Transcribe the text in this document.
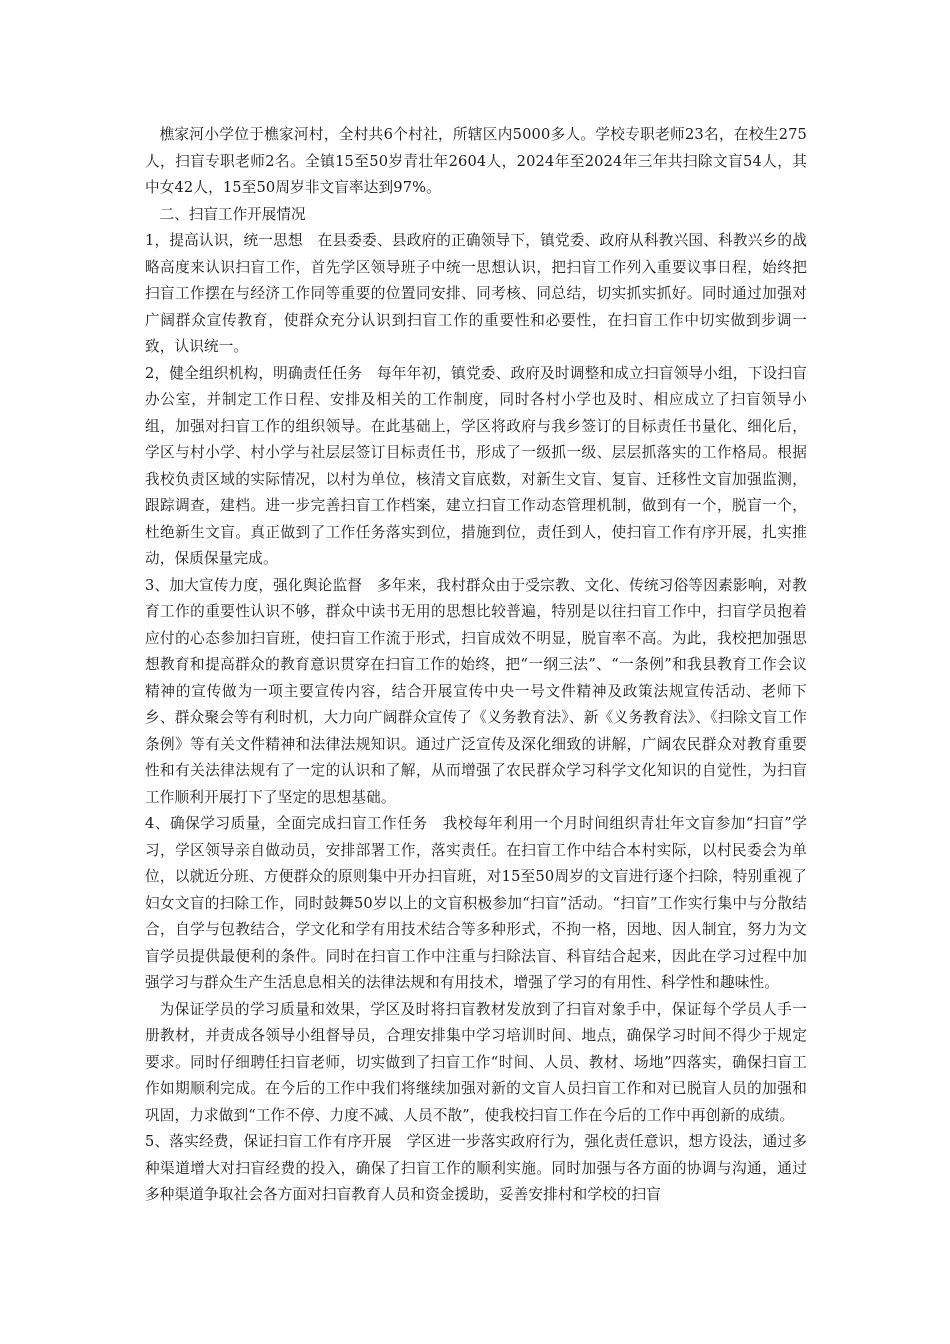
樵家河小学位于樵家河村，全村共6个村社，所辖区内5000多人。学校专职老师23名，在校生275人，扫盲专职老师2名。全镇15至50岁青壮年2604人，2024年至2024年三年共扫除文盲54人，其中女42人，15至50周岁非文盲率达到97%。

二、扫盲工作开展情况

1，提高认识，统一思想　在县委委、县政府的正确领导下，镇党委、政府从科教兴国、科教兴乡的战略高度来认识扫盲工作，首先学区领导班子中统一思想认识，把扫盲工作列入重要议事日程，始终把扫盲工作摆在与经济工作同等重要的位置同安排、同考核、同总结，切实抓实抓好。同时通过加强对广阔群众宣传教育，使群众充分认识到扫盲工作的重要性和必要性，在扫盲工作中切实做到步调一致，认识统一。

2，健全组织机构，明确责任任务　每年年初，镇党委、政府及时调整和成立扫盲领导小组，下设扫盲办公室，并制定工作日程、安排及相关的工作制度，同时各村小学也及时、相应成立了扫盲领导小组，加强对扫盲工作的组织领导。在此基础上，学区将政府与我乡签订的目标责任书量化、细化后，学区与村小学、村小学与社层层签订目标责任书，形成了一级抓一级、层层抓落实的工作格局。根据我校负责区域的实际情况，以村为单位，核清文盲底数，对新生文盲、复盲、迁移性文盲加强监测，跟踪调查，建档。进一步完善扫盲工作档案，建立扫盲工作动态管理机制，做到有一个，脱盲一个，杜绝新生文盲。真正做到了工作任务落实到位，措施到位，责任到人，使扫盲工作有序开展，扎实推动，保质保量完成。

3、加大宣传力度，强化舆论监督　多年来，我村群众由于受宗教、文化、传统习俗等因素影响，对教育工作的重要性认识不够，群众中读书无用的思想比较普遍，特别是以往扫盲工作中，扫盲学员抱着应付的心态参加扫盲班，使扫盲工作流于形式，扫盲成效不明显，脱盲率不高。为此，我校把加强思想教育和提高群众的教育意识贯穿在扫盲工作的始终，把“一纲三法”、“一条例”和我县教育工作会议精神的宣传做为一项主要宣传内容，结合开展宣传中央一号文件精神及政策法规宣传活动、老师下乡、群众聚会等有利时机，大力向广阔群众宣传了《义务教育法》、新《义务教育法》、《扫除文盲工作条例》等有关文件精神和法律法规知识。通过广泛宣传及深化细致的讲解，广阔农民群众对教育重要性和有关法律法规有了一定的认识和了解，从而增强了农民群众学习科学文化知识的自觉性，为扫盲工作顺利开展打下了坚定的思想基础。

4、确保学习质量，全面完成扫盲工作任务　我校每年利用一个月时间组织青壮年文盲参加“扫盲”学习，学区领导亲自做动员，安排部署工作，落实责任。在扫盲工作中结合本村实际，以村民委会为单位，以就近分班、方便群众的原则集中开办扫盲班，对15至50周岁的文盲进行逐个扫除，特别重视了妇女文盲的扫除工作，同时鼓舞50岁以上的文盲积极参加“扫盲”活动。“扫盲”工作实行集中与分散结合，自学与包教结合，学文化和学有用技术结合等多种形式，不拘一格，因地、因人制宜，努力为文盲学员提供最便利的条件。同时在扫盲工作中注重与扫除法盲、科盲结合起来，因此在学习过程中加强学习与群众生产生活息息相关的法律法规和有用技术，增强了学习的有用性、科学性和趣味性。

为保证学员的学习质量和效果，学区及时将扫盲教材发放到了扫盲对象手中，保证每个学员人手一册教材，并责成各领导小组督导员，合理安排集中学习培训时间、地点，确保学习时间不得少于规定要求。同时仔细聘任扫盲老师，切实做到了扫盲工作“时间、人员、教材、场地”四落实，确保扫盲工作如期顺利完成。在今后的工作中我们将继续加强对新的文盲人员扫盲工作和对已脱盲人员的加强和巩固，力求做到“工作不停、力度不减、人员不散”，使我校扫盲工作在今后的工作中再创新的成绩。

5、落实经费，保证扫盲工作有序开展　学区进一步落实政府行为，强化责任意识，想方设法，通过多种渠道增大对扫盲经费的投入，确保了扫盲工作的顺利实施。同时加强与各方面的协调与沟通，通过多种渠道争取社会各方面对扫盲教育人员和资金援助，妥善安排村和学校的扫盲
